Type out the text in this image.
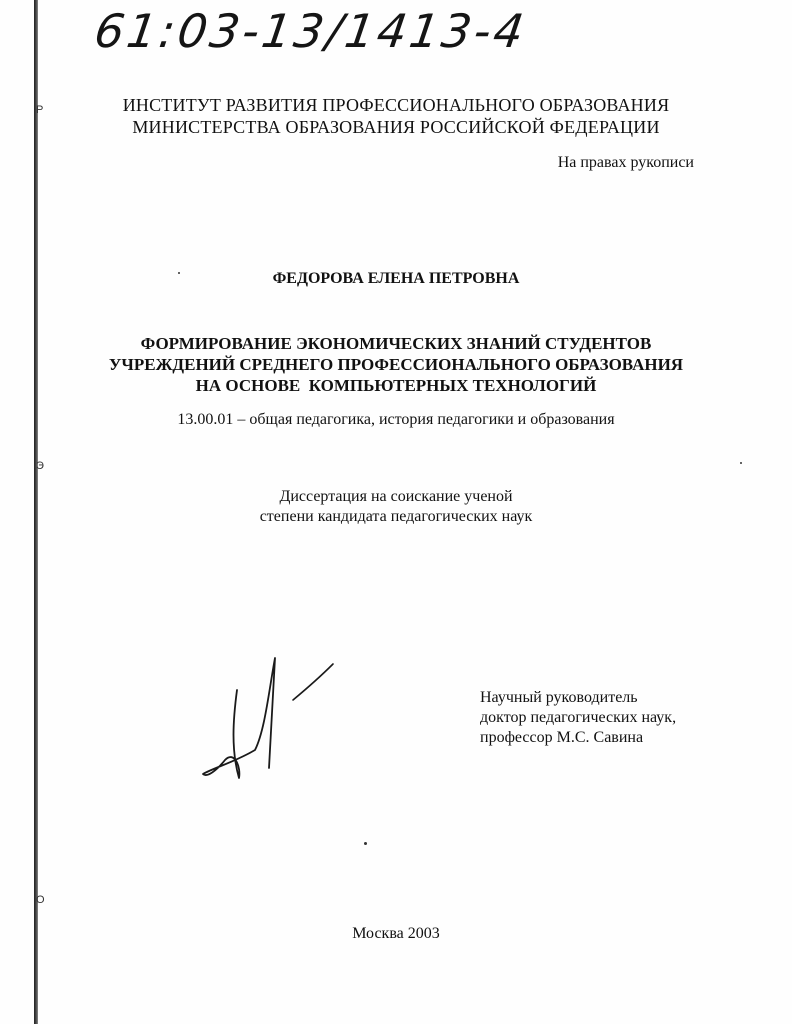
Р
Э
О
61:03-13/1413-4
ИНСТИТУТ РАЗВИТИЯ ПРОФЕССИОНАЛЬНОГО ОБРАЗОВАНИЯ
МИНИСТЕРСТВА ОБРАЗОВАНИЯ РОССИЙСКОЙ ФЕДЕРАЦИИ
На правах рукописи
ФЕДОРОВА ЕЛЕНА ПЕТРОВНА
ФОРМИРОВАНИЕ ЭКОНОМИЧЕСКИХ ЗНАНИЙ СТУДЕНТОВ
УЧРЕЖДЕНИЙ СРЕДНЕГО ПРОФЕССИОНАЛЬНОГО ОБРАЗОВАНИЯ
НА ОСНОВЕ  КОМПЬЮТЕРНЫХ ТЕХНОЛОГИЙ
13.00.01 – общая педагогика, история педагогики и образования
Диссертация на соискание ученой
степени кандидата педагогических наук
Научный руководитель
доктор педагогических наук,
профессор М.С. Савина
Москва 2003
